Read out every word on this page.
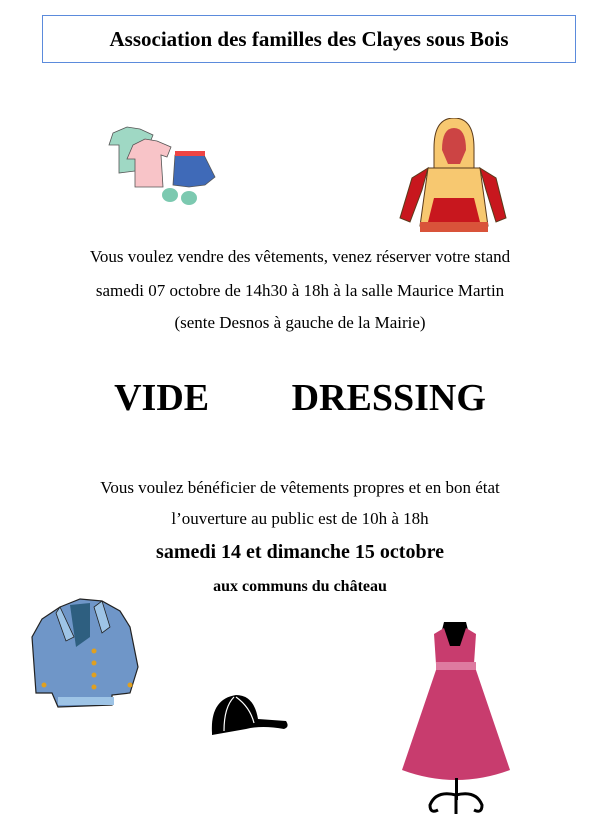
Association des familles des Clayes sous Bois
Vous voulez vendre des vêtements, venez réserver votre stand
samedi 07 octobre de 14h30 à 18h à la salle Maurice Martin
(sente Desnos à gauche de la Mairie)
VIDE   DRESSING
Vous voulez bénéficier de vêtements propres et en bon état
l’ouverture au public est de 10h à 18h
samedi 14 et dimanche 15 octobre
aux communs du château
